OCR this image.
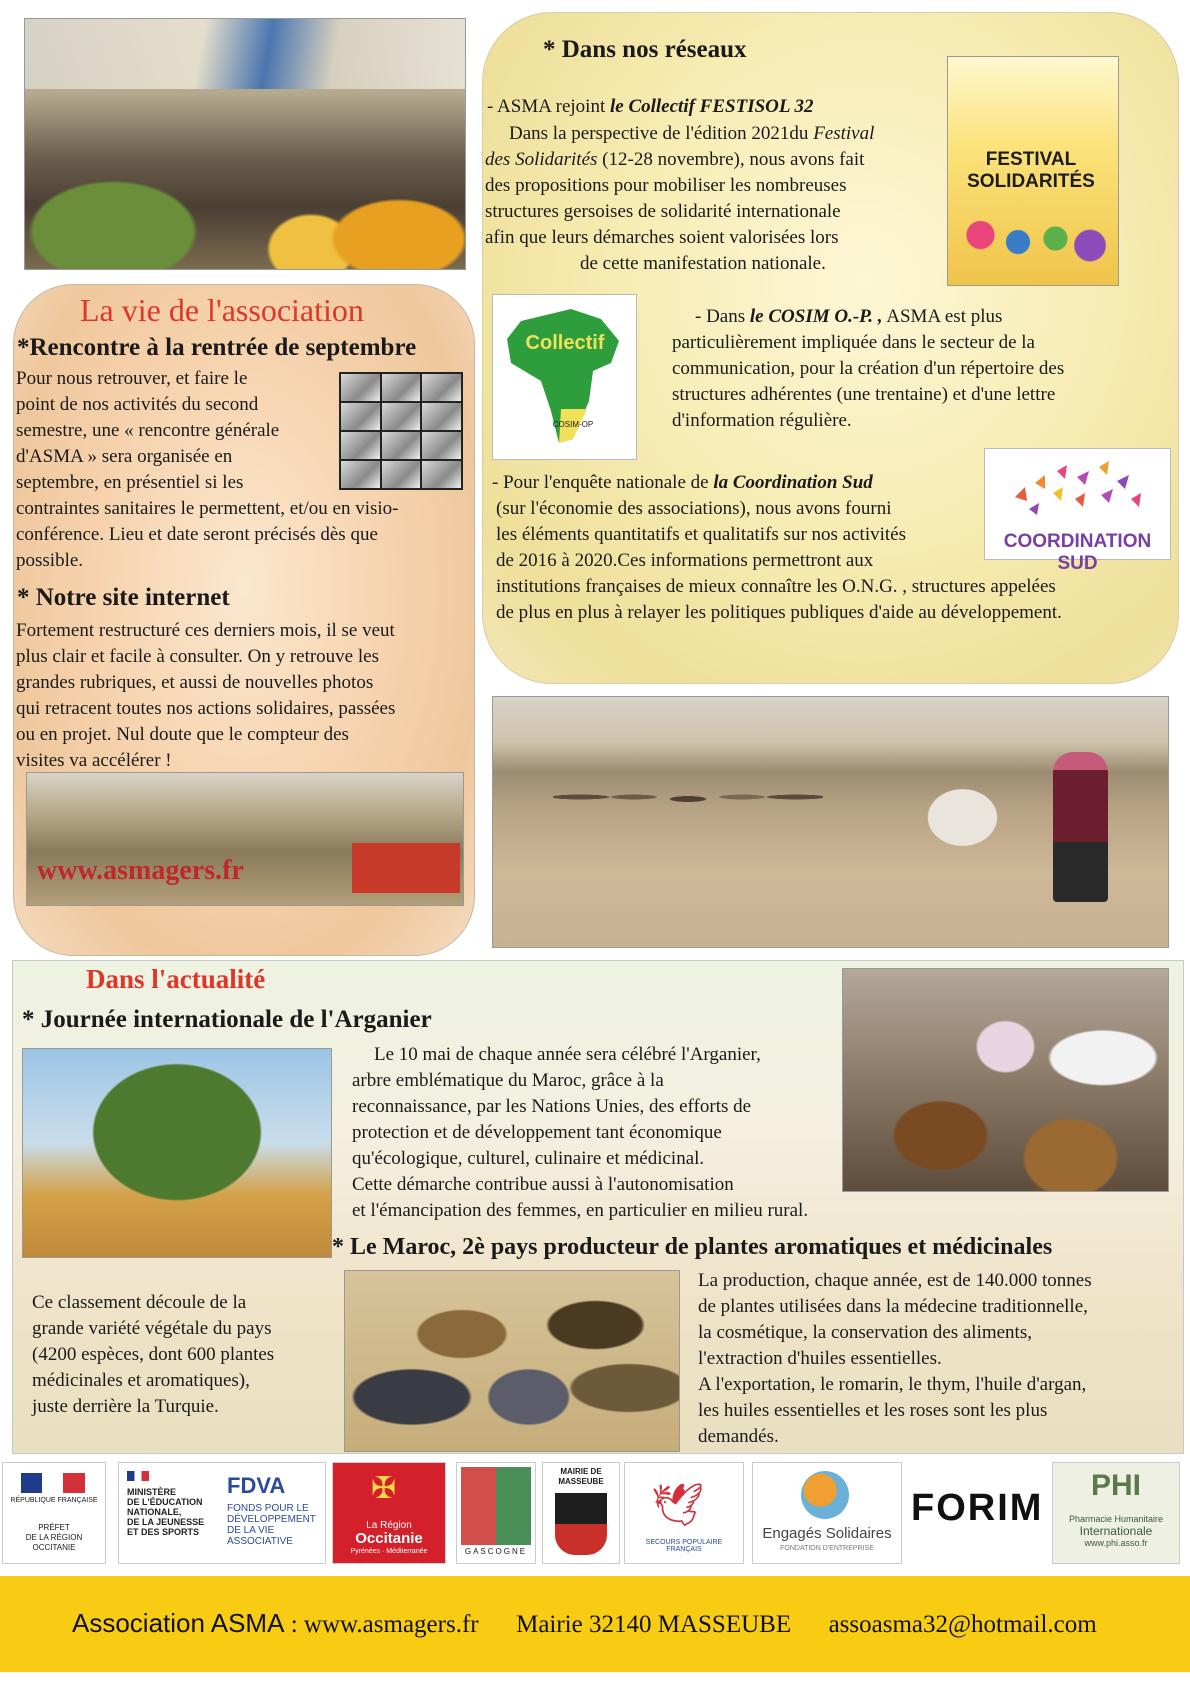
* Dans nos réseaux

- ASMA rejoint le Collectif FESTISOL 32

Dans la perspective de l'édition 2021du Festival

des Solidarités (12-28 novembre), nous avons fait

des propositions pour mobiliser les nombreuses

structures gersoises de solidarité internationale

afin que leurs démarches soient valorisées lors

de cette manifestation nationale.

FESTIVAL SOLIDARITÉS
Collectif
COSIM-OP

- Dans le COSIM O.-P. , ASMA est plus

particulièrement impliquée dans le secteur de la

communication, pour la création d'un répertoire des

structures adhérentes (une trentaine) et d'une lettre

d'information régulière.

COORDINATION SUD

- Pour l'enquête nationale de la Coordination Sud

(sur l'économie des associations), nous avons fourni

les éléments quantitatifs et qualitatifs sur nos activités

de 2016 à 2020.Ces informations permettront aux

institutions françaises de mieux connaître les O.N.G. , structures appelées

de plus en plus à relayer les politiques publiques d'aide au développement.

La vie de l'association

*Rencontre à la rentrée de septembre

Pour nous retrouver, et faire le

point de nos activités du second

semestre, une « rencontre générale

d'ASMA » sera organisée en

septembre, en présentiel si les

contraintes sanitaires le permettent, et/ou en visio-

conférence. Lieu et date seront précisés dès que

possible.

* Notre site internet

Fortement restructuré ces derniers mois, il se veut

plus clair et facile à consulter. On y retrouve les

grandes rubriques, et aussi de nouvelles photos

qui retracent toutes nos actions solidaires, passées

ou en projet. Nul doute que le compteur des

visites va accélérer !

www.asmagers.fr

Dans l'actualité

* Journée internationale de l'Arganier

Le 10 mai de chaque année sera célébré l'Arganier,

arbre emblématique du Maroc, grâce à la

reconnaissance, par les Nations Unies, des efforts de

protection et de développement tant économique

qu'écologique, culturel, culinaire et médicinal.

Cette démarche contribue aussi à l'autonomisation

et l'émancipation des femmes, en particulier en milieu rural.

* Le Maroc, 2è pays producteur de plantes aromatiques et médicinales

Ce classement découle de la

grande variété végétale du pays

(4200 espèces, dont 600 plantes

médicinales et aromatiques),

juste derrière la Turquie.

La production, chaque année, est de 140.000 tonnes

de plantes utilisées dans la médecine traditionnelle,

la cosmétique, la conservation des aliments,

l'extraction d'huiles essentielles.

A l'exportation, le romarin, le thym, l'huile d'argan,

les huiles essentielles et les roses sont les plus

demandés.

RÉPUBLIQUE FRANÇAISE
PRÉFET
DE LA RÉGION
OCCITANIE
MINISTÈRE
DE L'ÉDUCATION
NATIONALE,
DE LA JEUNESSE
ET DES SPORTS
FDVA
FONDS POUR LE
DÉVELOPPEMENT
DE LA VIE
ASSOCIATIVE
✠
La Région
Occitanie
Pyrénées · Méditerranée	GASCOGNE
MAIRIE DE
MASSEUBE	🕊
SECOURS POPULAIRE FRANÇAIS
Engagés Solidaires
FONDATION D'ENTREPRISE
FORIM
PHI
Pharmacie Humanitaire
Internationale
www.phi.asso.fr
Association ASMA : www.asmagers.fr      Mairie 32140 MASSEUBE      assoasma32@hotmail.com
